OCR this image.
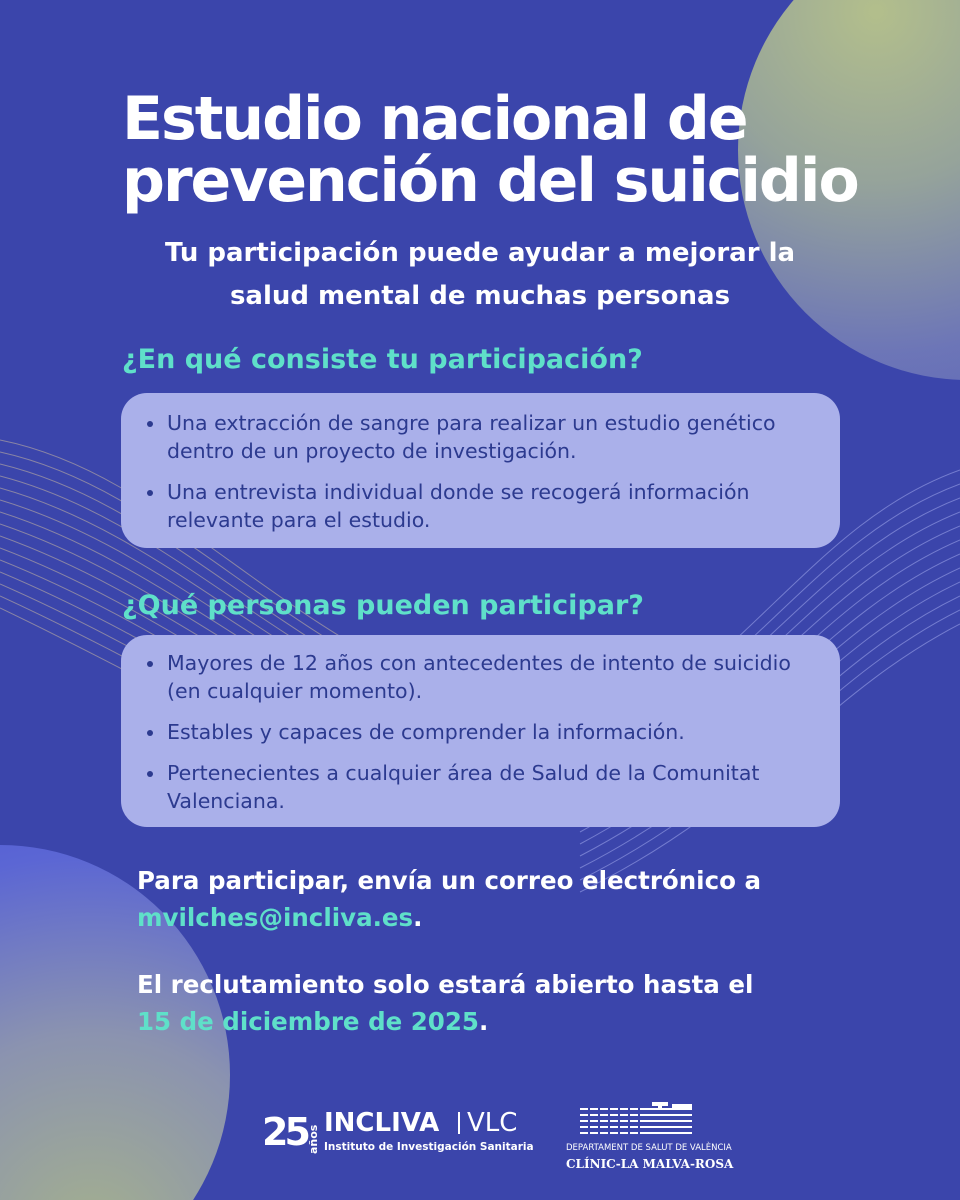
Estudio nacional de
prevención del suicidio

Tu participación puede ayudar a mejorar la
salud mental de muchas personas

¿En qué consiste tu participación?
Una extracción de sangre para realizar un estudio genético dentro de un proyecto de investigación.
Una entrevista individual donde se recogerá información relevante para el estudio.
¿Qué personas pueden participar?
Mayores de 12 años con antecedentes de intento de suicidio (en cualquier momento).
Estables y capaces de comprender la información.
Pertenecientes a cualquier área de Salud de la Comunitat Valenciana.

Para participar, envía un correo electrónico a
mvilches@incliva.es.

El reclutamiento solo estará abierto hasta el
15 de diciembre de 2025.

25 años
INCLIVA VLC
Instituto de Investigación Sanitaria	DEPARTAMENT DE SALUT DE VALÈNCIA
CLÍNIC-LA MALVA-ROSA
